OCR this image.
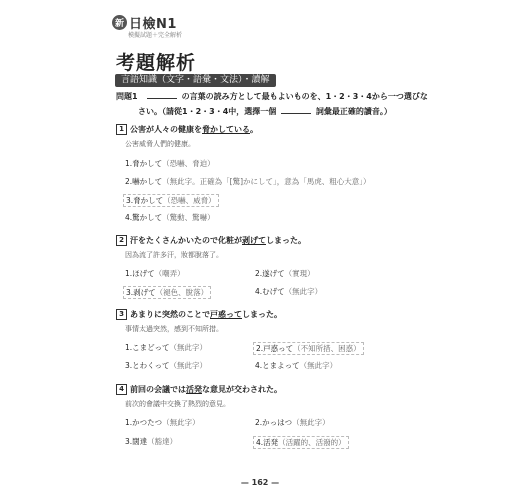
新 日檢N1
模擬試題＋完全解析
考題解析
言語知識（文字・語彙・文法）・讀解
問題1	の言葉の読み方として最もよいものを、1・2・3・4から一つ選びな
さい。（請從1・2・3・4中，選擇一個	詞彙最正確的讀音。）
1 公害が人々の健康を脅かしている。
公害威脅人們的健康。
1.脅かして（恐嚇、脅迫）
2.嚇かして（無此字。正確為「[驚]かにして」，意為「馬虎、粗心大意」）
3.脅かして（恐嚇、威脅）
4.驚かして（驚動、驚嚇）
2 汗をたくさんかいたので化粧が剥げてしまった。
因為流了許多汗，妝都脫落了。
1.ほげて（嘲弄）	2.遂げて（實現）
3.剥げて（褪色、脫落）	4.むげて（無此字）
3 あまりに突然のことで戸惑ってしまった。
事情太過突然，感到不知所措。
1.こまどって（無此字）	2.戸惑って（不知所措、困惑）
3.とわくって（無此字）	4.とまよって（無此字）
4 前回の会議では活発な意見が交わされた。
前次的會議中交換了熱烈的意見。
1.かつたつ（無此字）	2.かっはつ（無此字）
3.闊達（豁達）	4.活発（活躍的、活潑的）
— 162 —
